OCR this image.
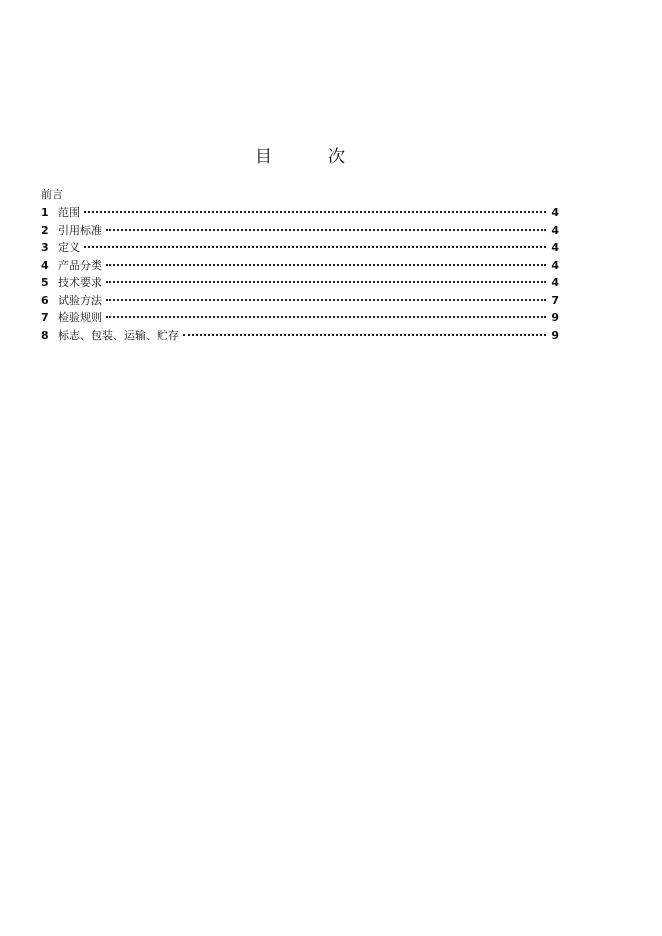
目	次
前言
1 范围	4
2 引用标准	4
3 定义	4
4 产品分类	4
5 技术要求	4
6 试验方法	7
7 检验规则	9
8 标志、包装、运输、贮存	9
